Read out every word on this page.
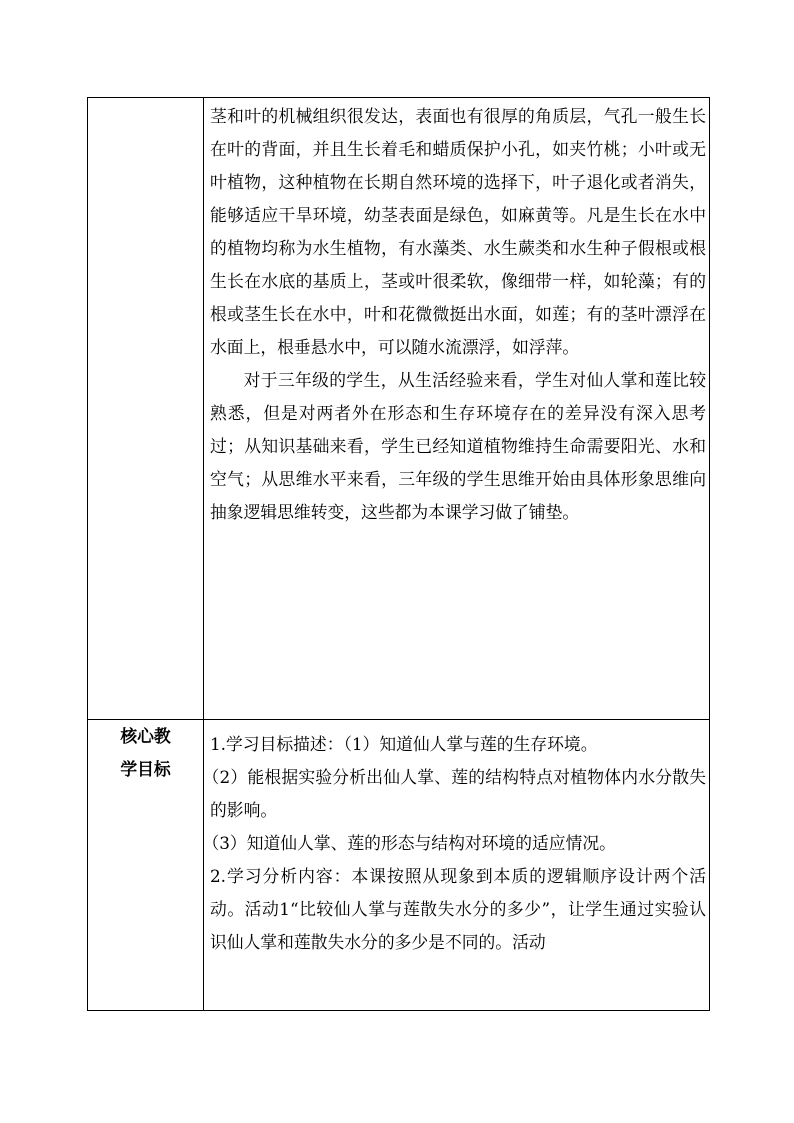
	茎和叶的机械组织很发达，表面也有很厚的角质层，气孔一般生长在叶的背面，并且生长着毛和蜡质保护小孔，如夹竹桃；小叶或无叶植物，这种植物在长期自然环境的选择下，叶子退化或者消失，能够适应干旱环境，幼茎表面是绿色，如麻黄等。凡是生长在水中的植物均称为水生植物，有水藻类、水生蕨类和水生种子假根或根生长在水底的基质上，茎或叶很柔软，像细带一样，如轮藻；有的根或茎生长在水中，叶和花微微挺出水面，如莲；有的茎叶漂浮在水面上，根垂悬水中，可以随水流漂浮，如浮萍。

对于三年级的学生，从生活经验来看，学生对仙人掌和莲比较熟悉，但是对两者外在形态和生存环境存在的差异没有深入思考过；从知识基础来看，学生已经知道植物维持生命需要阳光、水和空气；从思维水平来看，三年级的学生思维开始由具体形象思维向抽象逻辑思维转变，这些都为本课学习做了铺垫。

核心教学目标	1.学习目标描述：（1）知道仙人掌与莲的生存环境。

（2）能根据实验分析出仙人掌、莲的结构特点对植物体内水分散失的影响。

（3）知道仙人掌、莲的形态与结构对环境的适应情况。

2.学习分析内容：本课按照从现象到本质的逻辑顺序设计两个活动。活动1“比较仙人掌与莲散失水分的多少”，让学生通过实验认识仙人掌和莲散失水分的多少是不同的。活动
